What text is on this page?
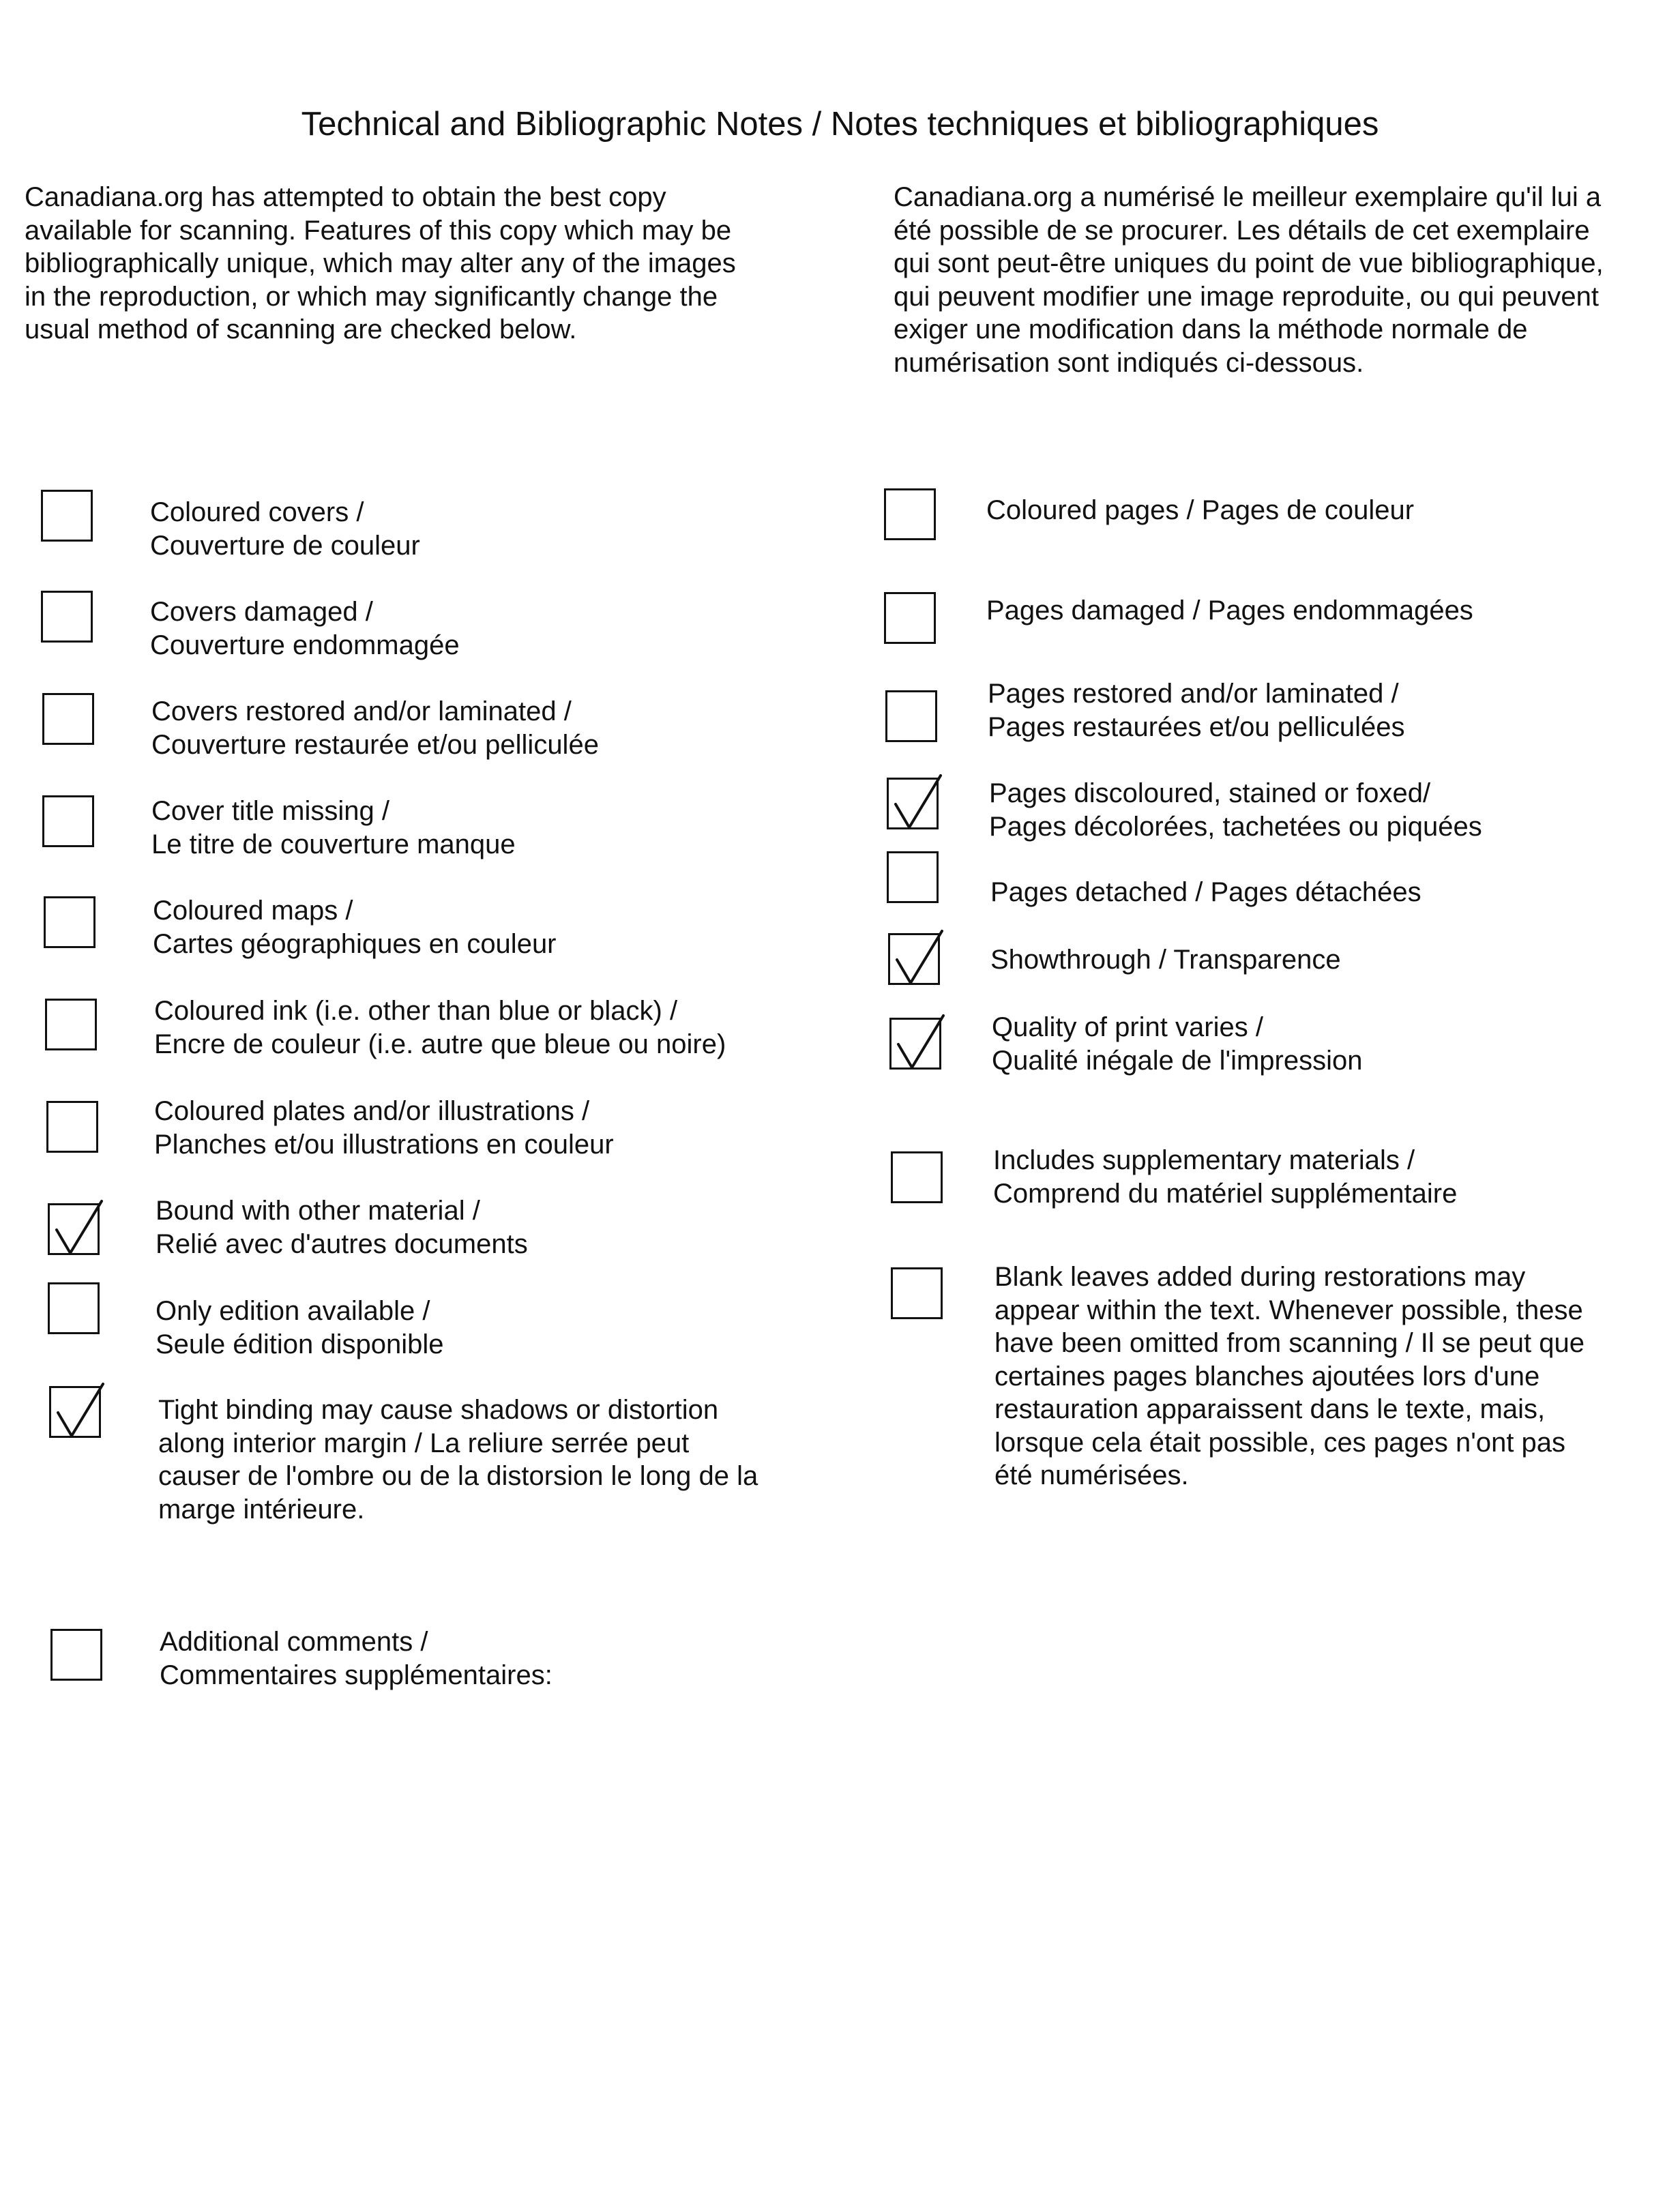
Technical and Bibliographic Notes / Notes techniques et bibliographiques
Canadiana.org has attempted to obtain the best copy
available for scanning. Features of this copy which may be
bibliographically unique, which may alter any of the images
in the reproduction, or which may significantly change the
usual method of scanning are checked below.
Canadiana.org a numérisé le meilleur exemplaire qu'il lui a
été possible de se procurer. Les détails de cet exemplaire
qui sont peut-être uniques du point de vue bibliographique,
qui peuvent modifier une image reproduite, ou qui peuvent
exiger une modification dans la méthode normale de
numérisation sont indiqués ci-dessous.
Coloured covers /
Couverture de couleur
Covers damaged /
Couverture endommagée
Covers restored and/or laminated /
Couverture restaurée et/ou pelliculée
Cover title missing /
Le titre de couverture manque
Coloured maps /
Cartes géographiques en couleur
Coloured ink (i.e. other than blue or black) /
Encre de couleur (i.e. autre que bleue ou noire)
Coloured plates and/or illustrations /
Planches et/ou illustrations en couleur
Bound with other material /
Relié avec d'autres documents
Only edition available /
Seule édition disponible
Tight binding may cause shadows or distortion
along interior margin / La reliure serrée peut
causer de l'ombre ou de la distorsion le long de la
marge intérieure.
Additional comments /
Commentaires supplémentaires:
Coloured pages / Pages de couleur
Pages damaged / Pages endommagées
Pages restored and/or laminated /
Pages restaurées et/ou pelliculées
Pages discoloured, stained or foxed/
Pages décolorées, tachetées ou piquées
Pages detached / Pages détachées
Showthrough / Transparence
Quality of print varies /
Qualité inégale de l'impression
Includes supplementary materials /
Comprend du matériel supplémentaire
Blank leaves added during restorations may
appear within the text. Whenever possible, these
have been omitted from scanning / Il se peut que
certaines pages blanches ajoutées lors d'une
restauration apparaissent dans le texte, mais,
lorsque cela était possible, ces pages n'ont pas
été numérisées.
